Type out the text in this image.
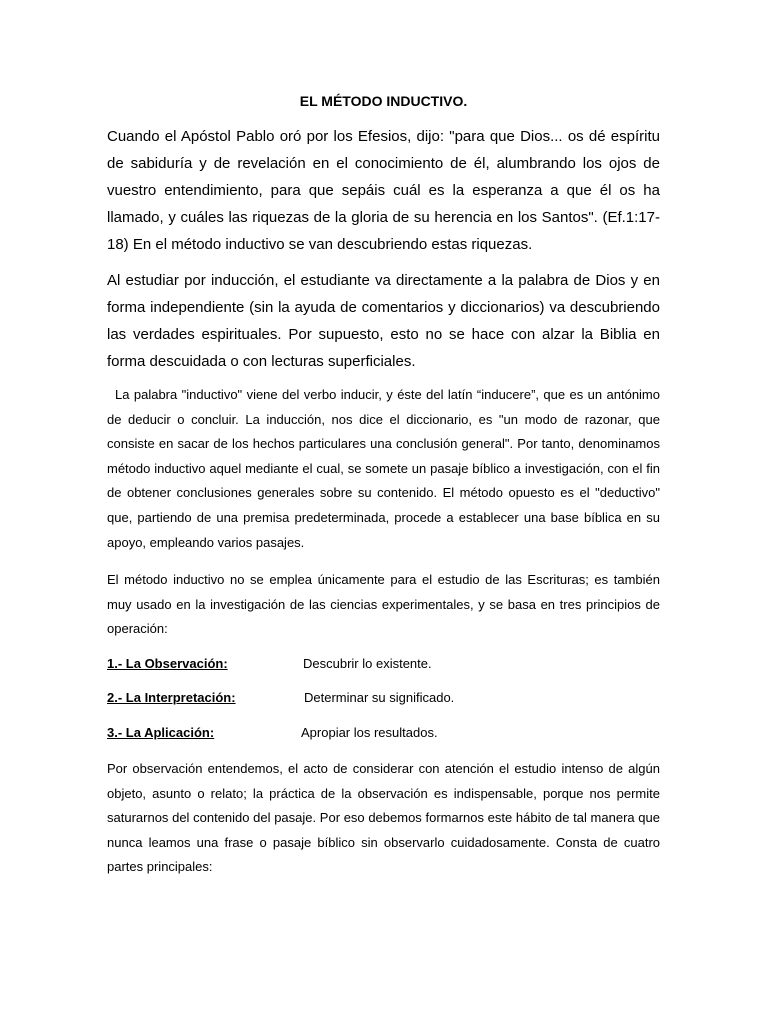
EL MÉTODO INDUCTIVO.

Cuando el Apóstol Pablo oró por los Efesios, dijo: "para que Dios... os dé espíritu de sabiduría y de revelación en el conocimiento de él, alumbrando los ojos de vuestro entendimiento, para que sepáis cuál es la esperanza a que él os ha llamado, y cuáles las riquezas de la gloria de su herencia en los Santos". (Ef.1:17-18) En el método inductivo se van descubriendo estas riquezas.

Al estudiar por inducción, el estudiante va directamente a la palabra de Dios y en forma independiente (sin la ayuda de comentarios y diccionarios) va descubriendo las verdades espirituales. Por supuesto, esto no se hace con alzar la Biblia en forma descuidada o con lecturas superficiales.

La palabra "inductivo" viene del verbo inducir, y éste del latín “inducere”, que es un antónimo de deducir o concluir. La inducción, nos dice el diccionario, es "un modo de razonar, que consiste en sacar de los hechos particulares una conclusión general". Por tanto, denominamos método inductivo aquel mediante el cual, se somete un pasaje bíblico a investigación, con el fin de obtener conclusiones generales sobre su contenido. El método opuesto es el "deductivo" que, partiendo de una premisa predeterminada, procede a establecer una base bíblica en su apoyo, empleando varios pasajes.

El método inductivo no se emplea únicamente para el estudio de las Escrituras; es también muy usado en la investigación de las ciencias experimentales, y se basa en tres principios de operación:

1.- La Observación:	Descubrir lo existente.
2.- La Interpretación:	Determinar su significado.
3.- La Aplicación:	Apropiar los resultados.

Por observación entendemos, el acto de considerar con atención el estudio intenso de algún objeto, asunto o relato; la práctica de la observación es indispensable, porque nos permite saturarnos del contenido del pasaje. Por eso debemos formarnos este hábito de tal manera que nunca leamos una frase o pasaje bíblico sin observarlo cuidadosamente. Consta de cuatro partes principales:
